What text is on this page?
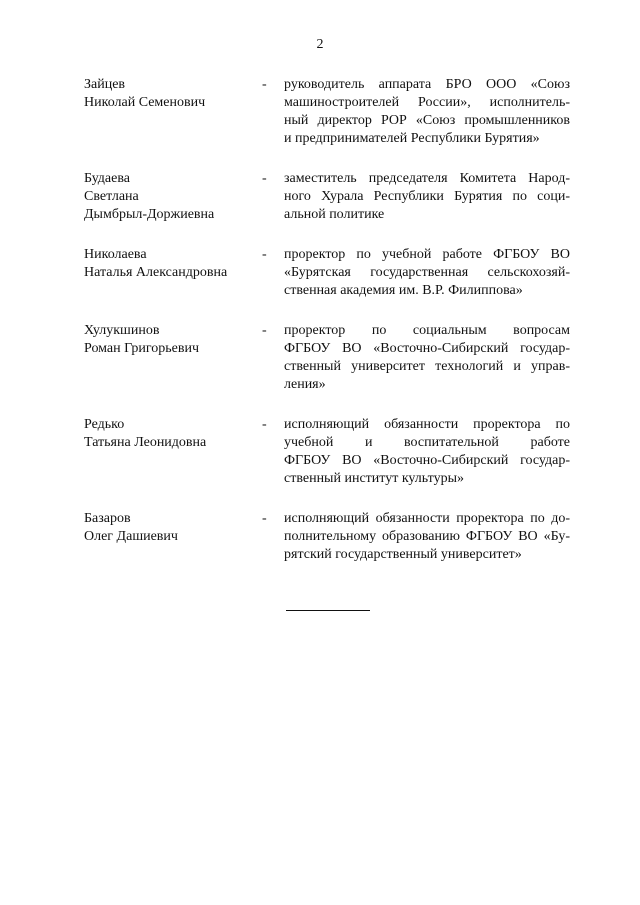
2
Зайцев
Николай Семенович
- руководитель аппарата БРО ООО «Союз
машиностроителей России», исполнитель-
ный директор РОР «Союз промышленников
и предпринимателей Республики Бурятия»
Будаева
Светлана
Дымбрыл-Доржиевна
- заместитель председателя Комитета Народ-
ного Хурала Республики Бурятия по соци-
альной политике
Николаева
Наталья Александровна
- проректор по учебной работе ФГБОУ ВО
«Бурятская государственная сельскохозяй-
ственная академия им. В.Р. Филиппова»
Хулукшинов
Роман Григорьевич
- проректор по социальным вопросам
ФГБОУ ВО «Восточно-Сибирский государ-
ственный университет технологий и управ-
ления»
Редько
Татьяна Леонидовна
- исполняющий обязанности проректора по
учебной и воспитательной работе
ФГБОУ ВО «Восточно-Сибирский государ-
ственный институт культуры»
Базаров
Олег Дашиевич
- исполняющий обязанности проректора по до-
полнительному образованию ФГБОУ ВО «Бу-
рятский государственный университет»
